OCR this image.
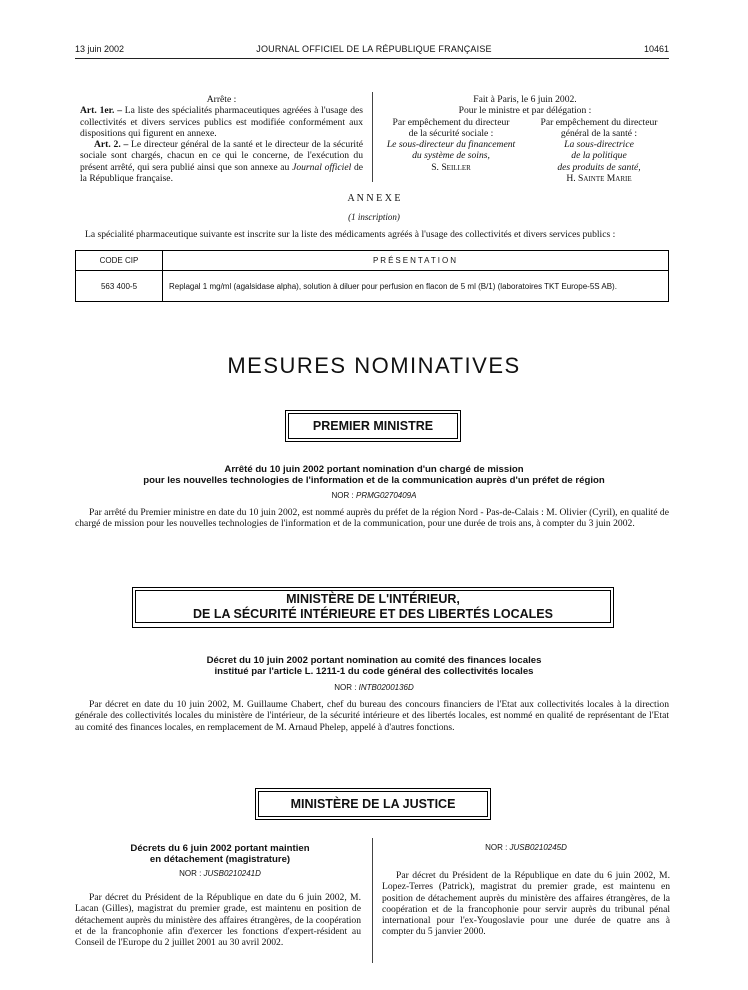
13 juin 2002	JOURNAL OFFICIEL DE LA RÉPUBLIQUE FRANÇAISE	10461

Arrête :

Art. 1er. – La liste des spécialités pharmaceutiques agréées à l'usage des collectivités et divers services publics est modifiée conformément aux dispositions qui figurent en annexe.

Art. 2. – Le directeur général de la santé et le directeur de la sécurité sociale sont chargés, chacun en ce qui le concerne, de l'exécution du présent arrêté, qui sera publié ainsi que son annexe au Journal officiel de la République française.

Fait à Paris, le 6 juin 2002.

Pour le ministre et par délégation :

Par empêchement du directeur

de la sécurité sociale :

Le sous-directeur du financement

du système de soins,

S. Seiller

Par empêchement du directeur

général de la santé :

La sous-directrice

de la politique

des produits de santé,

H. Sainte Marie

A N N E X E
(1 inscription)
La spécialité pharmaceutique suivante est inscrite sur la liste des médicaments agréés à l'usage des collectivités et divers services publics :
CODE CIP	PRÉSENTATION
563 400-5	Replagal 1 mg/ml (agalsidase alpha), solution à diluer pour perfusion en flacon de 5 ml (B/1) (laboratoires TKT Europe-5S AB).
MESURES NOMINATIVES
PREMIER MINISTRE

Arrêté du 10 juin 2002 portant nomination d'un chargé de mission

pour les nouvelles technologies de l'information et de la communication auprès d'un préfet de région

NOR : PRMG0270409A
Par arrêté du Premier ministre en date du 10 juin 2002, est nommé auprès du préfet de la région Nord - Pas-de-Calais : M. Olivier (Cyril), en qualité de chargé de mission pour les nouvelles technologies de l'information et de la communication, pour une durée de trois ans, à compter du 3 juin 2002.
MINISTÈRE DE L'INTÉRIEUR,
DE LA SÉCURITÉ INTÉRIEURE ET DES LIBERTÉS LOCALES

Décret du 10 juin 2002 portant nomination au comité des finances locales

institué par l'article L. 1211-1 du code général des collectivités locales

NOR : INTB0200136D
Par décret en date du 10 juin 2002, M. Guillaume Chabert, chef du bureau des concours financiers de l'Etat aux collectivités locales à la direction générale des collectivités locales du ministère de l'intérieur, de la sécurité intérieure et des libertés locales, est nommé en qualité de représentant de l'Etat au comité des finances locales, en remplacement de M. Arnaud Phelep, appelé à d'autres fonctions.
MINISTÈRE DE LA JUSTICE

Décrets du 6 juin 2002 portant maintien

en détachement (magistrature)

NOR : JUSB0210241D
Par décret du Président de la République en date du 6 juin 2002, M. Lacan (Gilles), magistrat du premier grade, est maintenu en position de détachement auprès du ministère des affaires étrangères, de la coopération et de la francophonie afin d'exercer les fonctions d'expert-résident au Conseil de l'Europe du 2 juillet 2001 au 30 avril 2002.
NOR : JUSB0210245D
Par décret du Président de la République en date du 6 juin 2002, M. Lopez-Terres (Patrick), magistrat du premier grade, est maintenu en position de détachement auprès du ministère des affaires étrangères, de la coopération et de la francophonie pour servir auprès du tribunal pénal international pour l'ex-Yougoslavie pour une durée de quatre ans à compter du 5 janvier 2000.
